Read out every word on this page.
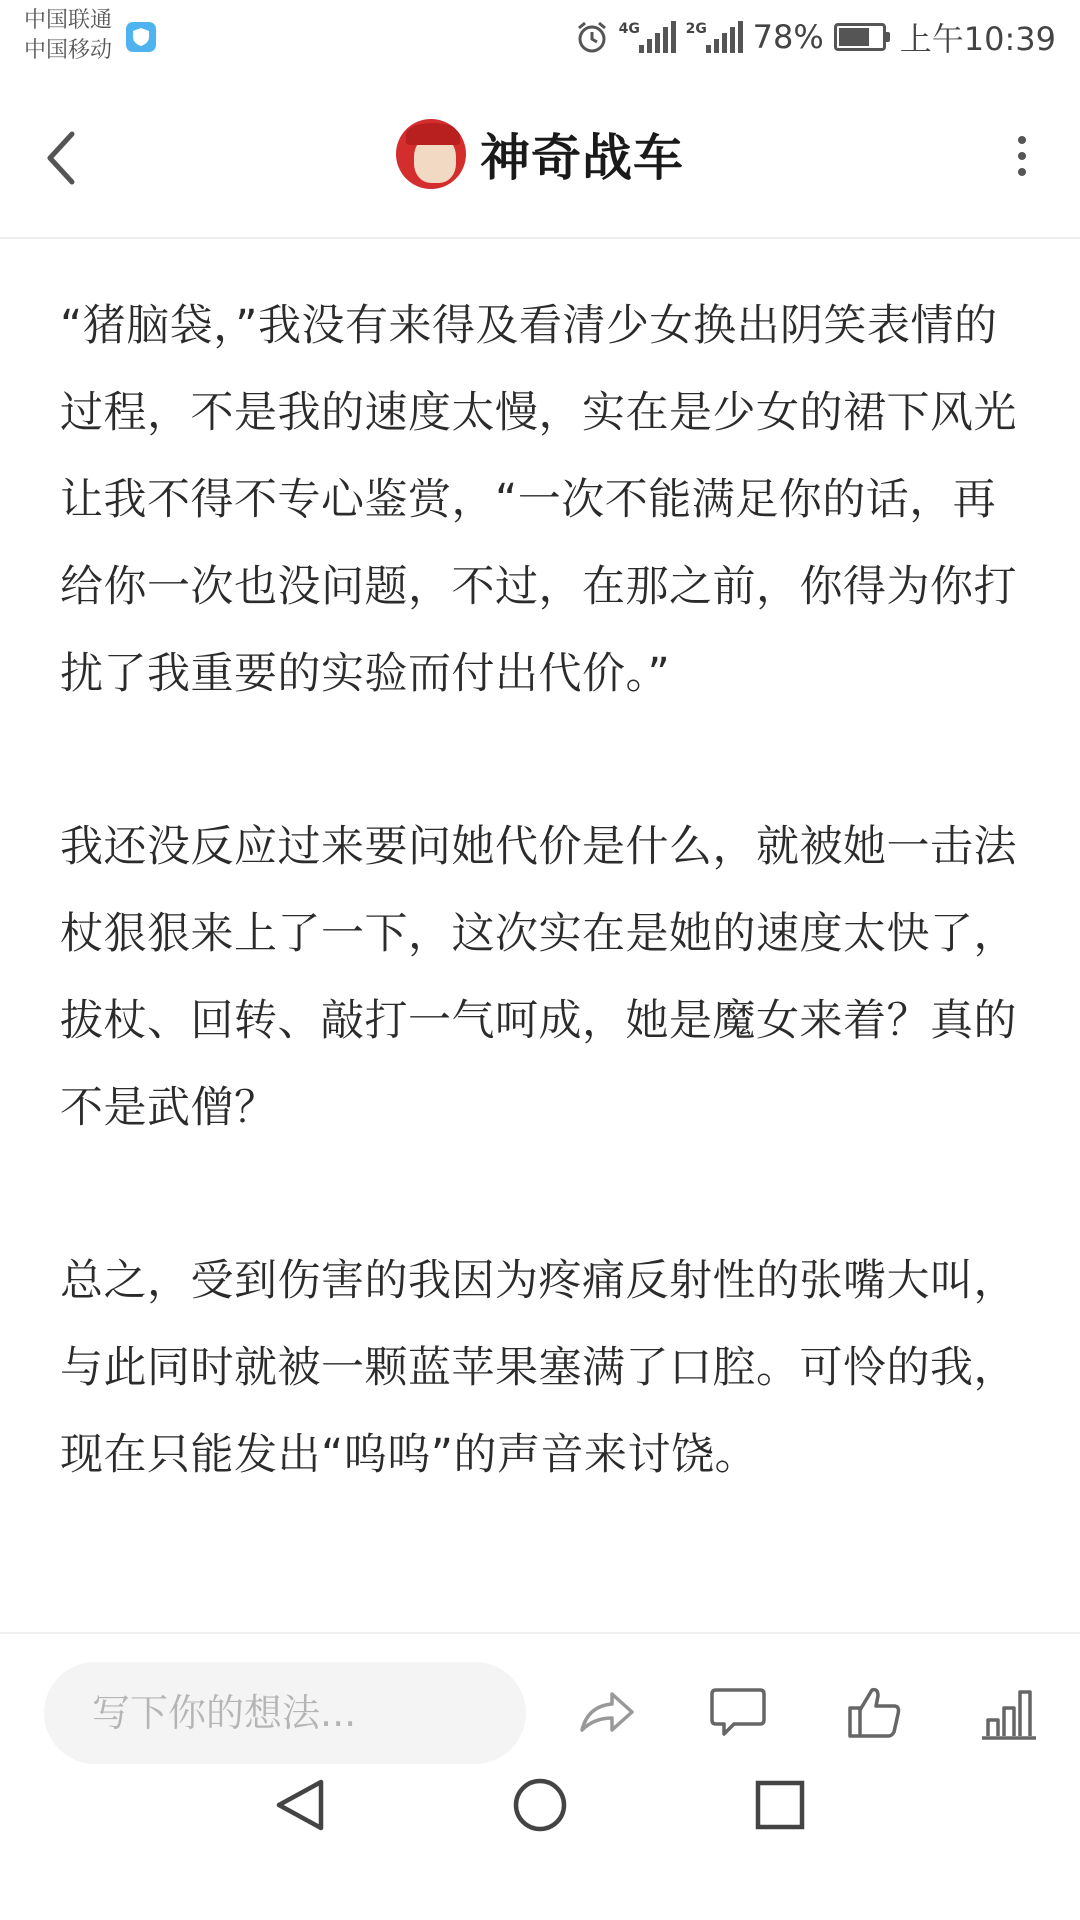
中国联通
中国移动
4G	2G 78% 上午10:39
神奇战车

“猪脑袋，”我没有来得及看清少女换出阴笑表情的过程，不是我的速度太慢，实在是少女的裙下风光让我不得不专心鉴赏，“一次不能满足你的话，再给你一次也没问题，不过，在那之前，你得为你打扰了我重要的实验而付出代价。”

我还没反应过来要问她代价是什么，就被她一击法杖狠狠来上了一下，这次实在是她的速度太快了，拔杖、回转、敲打一气呵成，她是魔女来着？真的不是武僧？

总之，受到伤害的我因为疼痛反射性的张嘴大叫，与此同时就被一颗蓝苹果塞满了口腔。可怜的我，现在只能发出“呜呜”的声音来讨饶。

写下你的想法...
